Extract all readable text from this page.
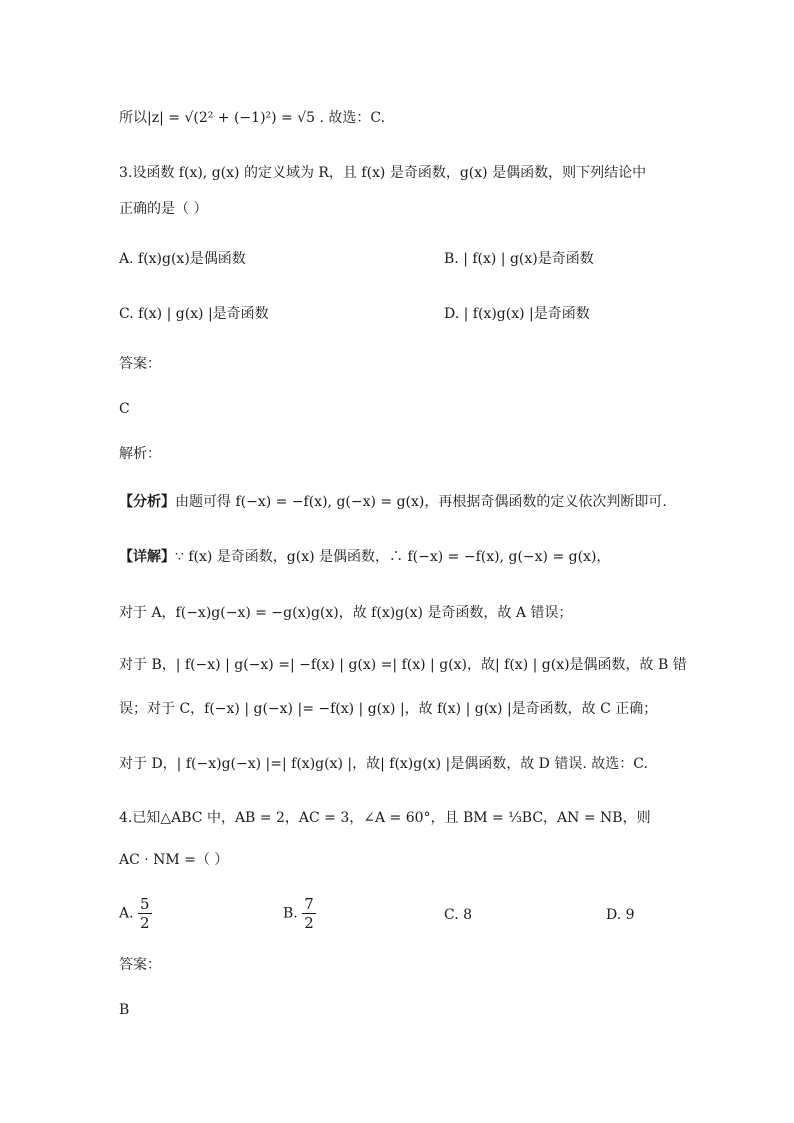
所以|z| = √(2² + (−1)²) = √5 . 故选：C.
3.设函数 f(x), g(x) 的定义域为 R，且 f(x) 是奇函数，g(x) 是偶函数，则下列结论中
正确的是（ ）
A. f(x)g(x)是偶函数	B. | f(x) | g(x)是奇函数
C. f(x) | g(x) |是奇函数	D. | f(x)g(x) |是奇函数
答案：
C
解析：
【分析】由题可得 f(−x) = −f(x), g(−x) = g(x)，再根据奇偶函数的定义依次判断即可.
【详解】∵ f(x) 是奇函数，g(x) 是偶函数，∴ f(−x) = −f(x), g(−x) = g(x)，
对于 A，f(−x)g(−x) = −g(x)g(x)，故 f(x)g(x) 是奇函数，故 A 错误；
对于 B，| f(−x) | g(−x) =| −f(x) | g(x) =| f(x) | g(x)，故| f(x) | g(x)是偶函数，故 B 错
误；对于 C，f(−x) | g(−x) |= −f(x) | g(x) |，故 f(x) | g(x) |是奇函数，故 C 正确；
对于 D，| f(−x)g(−x) |=| f(x)g(x) |，故| f(x)g(x) |是偶函数，故 D 错误. 故选：C.
4.已知△ABC 中，AB = 2，AC = 3，∠A = 60°，且 BM = ⅓BC，AN = NB，则
AC · NM =（ ）
A. $\frac{5}{2}$	B. $\frac{7}{2}$	C. 8	D. 9
答案：
B
